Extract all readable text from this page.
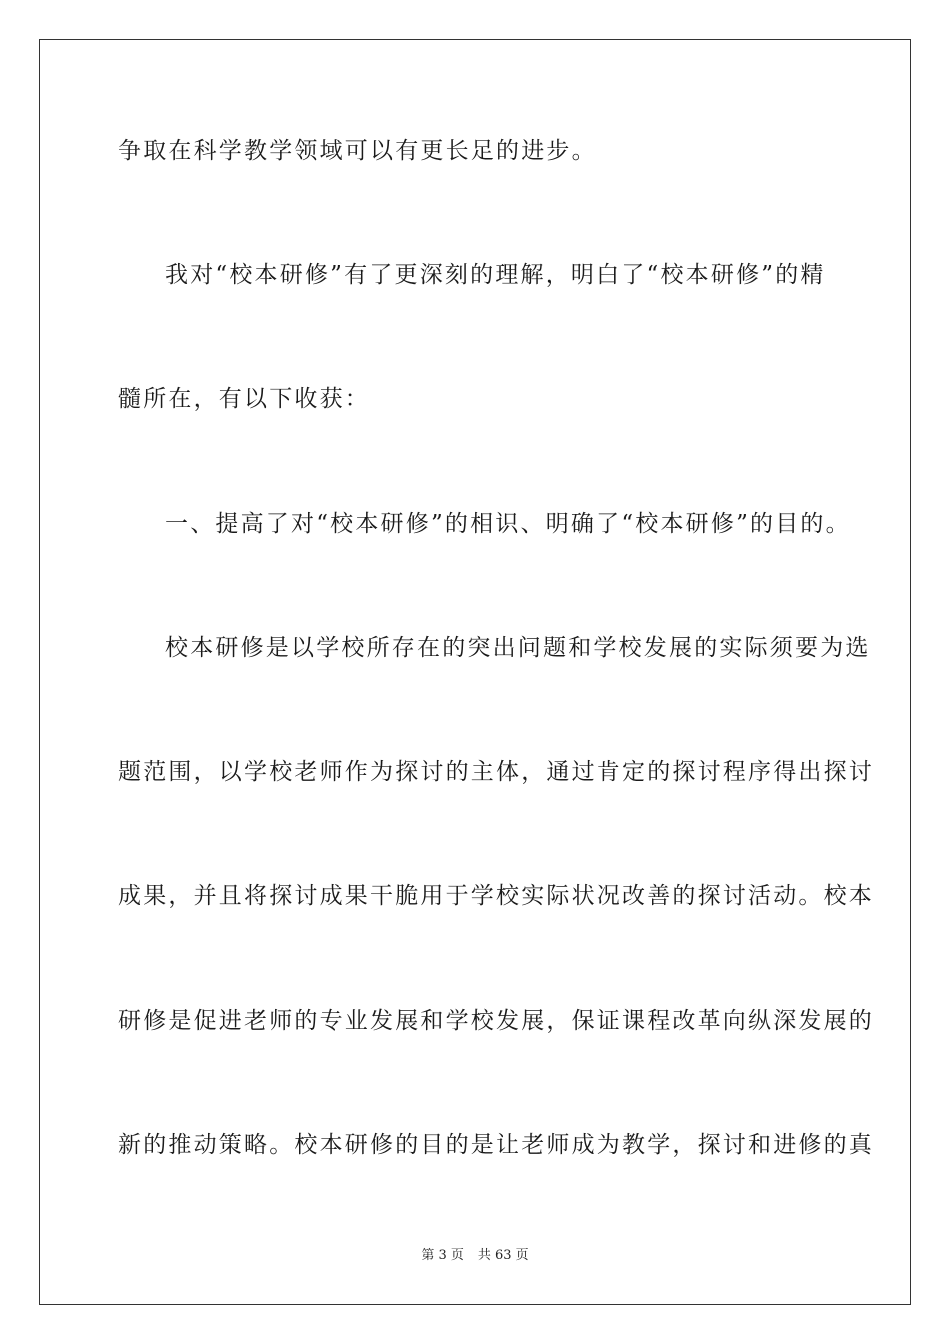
争取在科学教学领域可以有更长足的进步。
我对“校本研修”有了更深刻的理解，明白了“校本研修”的精
髓所在，有以下收获：
一、提高了对“校本研修”的相识、明确了“校本研修”的目的。
校本研修是以学校所存在的突出问题和学校发展的实际须要为选
题范围，以学校老师作为探讨的主体，通过肯定的探讨程序得出探讨
成果，并且将探讨成果干脆用于学校实际状况改善的探讨活动。校本
研修是促进老师的专业发展和学校发展，保证课程改革向纵深发展的
新的推动策略。校本研修的目的是让老师成为教学，探讨和进修的真
第 3 页 共 63 页
